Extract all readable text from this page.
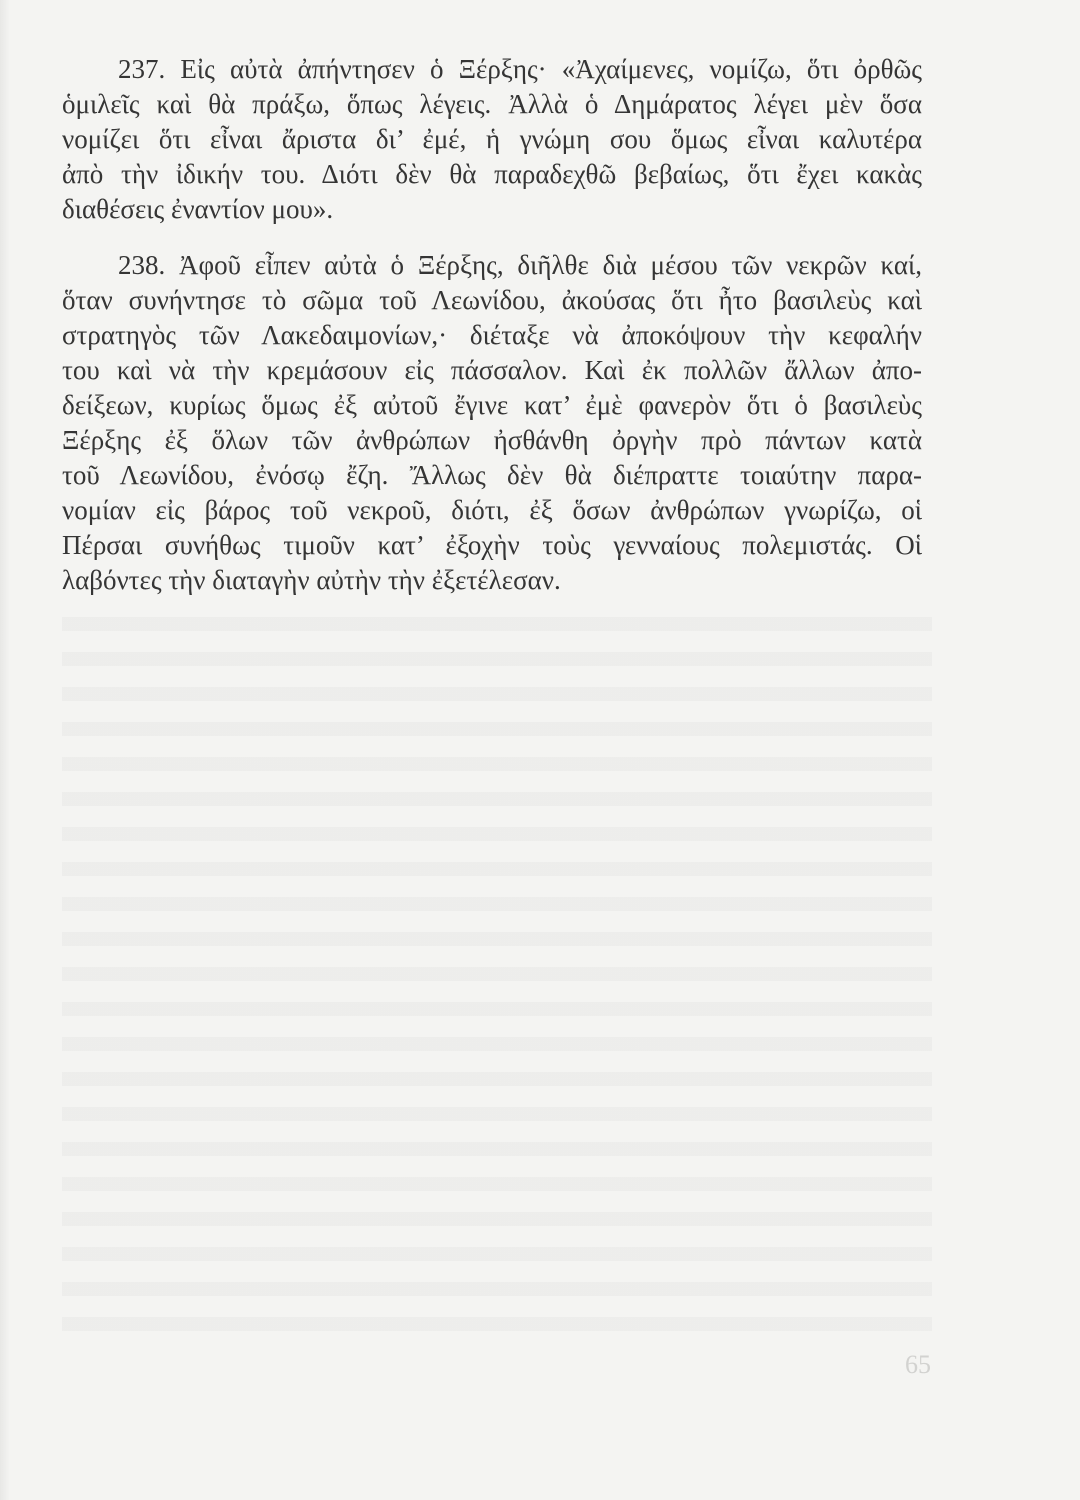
237. Εἰς αὐτὰ ἀπήντησεν ὁ Ξέρξης· «Ἀχαίμενες, νομίζω, ὅτι ὀρθῶς
ὁμιλεῖς καὶ θὰ πράξω, ὅπως λέγεις. Ἀλλὰ ὁ Δημάρατος λέγει μὲν ὅσα
νομίζει ὅτι εἶναι ἄριστα δι’ ἐμέ, ἡ γνώμη σου ὅμως εἶναι καλυτέρα
ἀπὸ τὴν ἰδικήν του. Διότι δὲν θὰ παραδεχθῶ βεβαίως, ὅτι ἔχει κακὰς
διαθέσεις ἐναντίον μου».
238. Ἀφοῦ εἶπεν αὐτὰ ὁ Ξέρξης, διῆλθε διὰ μέσου τῶν νεκρῶν καί,
ὅταν συνήντησε τὸ σῶμα τοῦ Λεωνίδου, ἀκούσας ὅτι ἦτο βασιλεὺς καὶ
στρατηγὸς τῶν Λακεδαιμονίων,· διέταξε νὰ ἀποκόψουν τὴν κεφαλήν
του καὶ νὰ τὴν κρεμάσουν εἰς πάσσαλον. Καὶ ἐκ πολλῶν ἄλλων ἀπο-
δείξεων, κυρίως ὅμως ἐξ αὐτοῦ ἔγινε κατ’ ἐμὲ φανερὸν ὅτι ὁ βασιλεὺς
Ξέρξης ἐξ ὅλων τῶν ἀνθρώπων ἠσθάνθη ὀργὴν πρὸ πάντων κατὰ
τοῦ Λεωνίδου, ἐνόσῳ ἔζη. Ἄλλως δὲν θὰ διέπραττε τοιαύτην παρα-
νομίαν εἰς βάρος τοῦ νεκροῦ, διότι, ἐξ ὅσων ἀνθρώπων γνωρίζω, οἱ
Πέρσαι συνήθως τιμοῦν κατ’ ἐξοχὴν τοὺς γενναίους πολεμιστάς. Οἱ
λαβόντες τὴν διαταγὴν αὐτὴν τὴν ἐξετέλεσαν.
65
